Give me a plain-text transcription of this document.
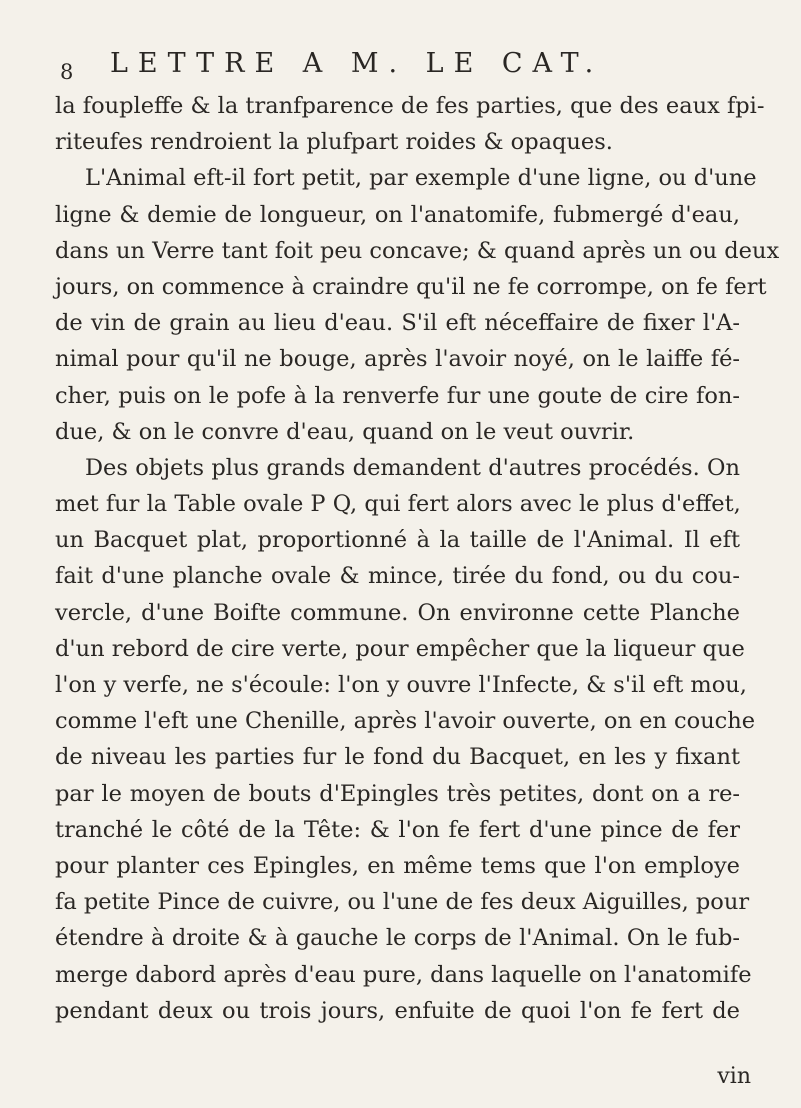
8 LETTRE A M. LE CAT.
la foupleffe & la tranfparence de fes parties, que des eaux fpi-
riteufes rendroient la plufpart roides & opaques.
L'Animal eft-il fort petit, par exemple d'une ligne, ou d'une
ligne & demie de longueur, on l'anatomife, fubmergé d'eau,
dans un Verre tant foit peu concave; & quand après un ou deux
jours, on commence à craindre qu'il ne fe corrompe, on fe fert
de vin de grain au lieu d'eau. S'il eft néceffaire de fixer l'A-
nimal pour qu'il ne bouge, après l'avoir noyé, on le laiffe fé-
cher, puis on le pofe à la renverfe fur une goute de cire fon-
due, & on le convre d'eau, quand on le veut ouvrir.
Des objets plus grands demandent d'autres procédés. On
met fur la Table ovale P Q, qui fert alors avec le plus d'effet,
un Bacquet plat, proportionné à la taille de l'Animal. Il eft
fait d'une planche ovale & mince, tirée du fond, ou du cou-
vercle, d'une Boifte commune. On environne cette Planche
d'un rebord de cire verte, pour empêcher que la liqueur que
l'on y verfe, ne s'écoule: l'on y ouvre l'Infecte, & s'il eft mou,
comme l'eft une Chenille, après l'avoir ouverte, on en couche
de niveau les parties fur le fond du Bacquet, en les y fixant
par le moyen de bouts d'Epingles très petites, dont on a re-
tranché le côté de la Tête: & l'on fe fert d'une pince de fer
pour planter ces Epingles, en même tems que l'on employe
fa petite Pince de cuivre, ou l'une de fes deux Aiguilles, pour
étendre à droite & à gauche le corps de l'Animal. On le fub-
merge dabord après d'eau pure, dans laquelle on l'anatomife
pendant deux ou trois jours, enfuite de quoi l'on fe fert de
vin
